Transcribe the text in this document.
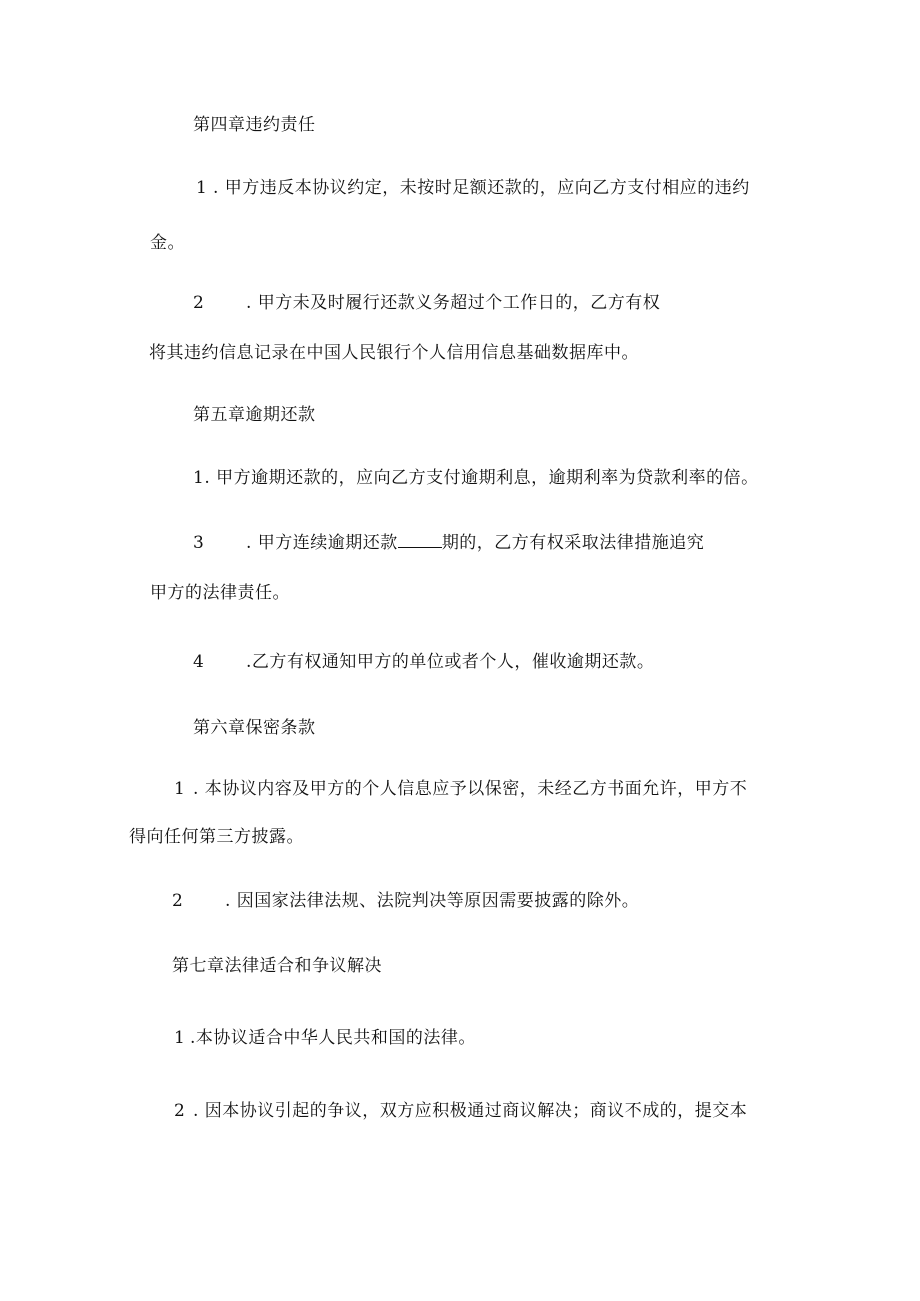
第四章违约责任
1 . 甲方违反本协议约定，未按时足额还款的，应向乙方支付相应的违约
金。
2 . 甲方未及时履行还款义务超过个工作日的，乙方有权
将其违约信息记录在中国人民银行个人信用信息基础数据库中。
第五章逾期还款
1. 甲方逾期还款的，应向乙方支付逾期利息，逾期利率为贷款利率的倍。
3 . 甲方连续逾期还款	期的，乙方有权采取法律措施追究
甲方的法律责任。
4 .乙方有权通知甲方的单位或者个人，催收逾期还款。
第六章保密条款
1 . 本协议内容及甲方的个人信息应予以保密，未经乙方书面允许，甲方不
得向任何第三方披露。
2 . 因国家法律法规、法院判决等原因需要披露的除外。
第七章法律适合和争议解决
1 .本协议适合中华人民共和国的法律。
2 . 因本协议引起的争议，双方应积极通过商议解决；商议不成的，提交本
